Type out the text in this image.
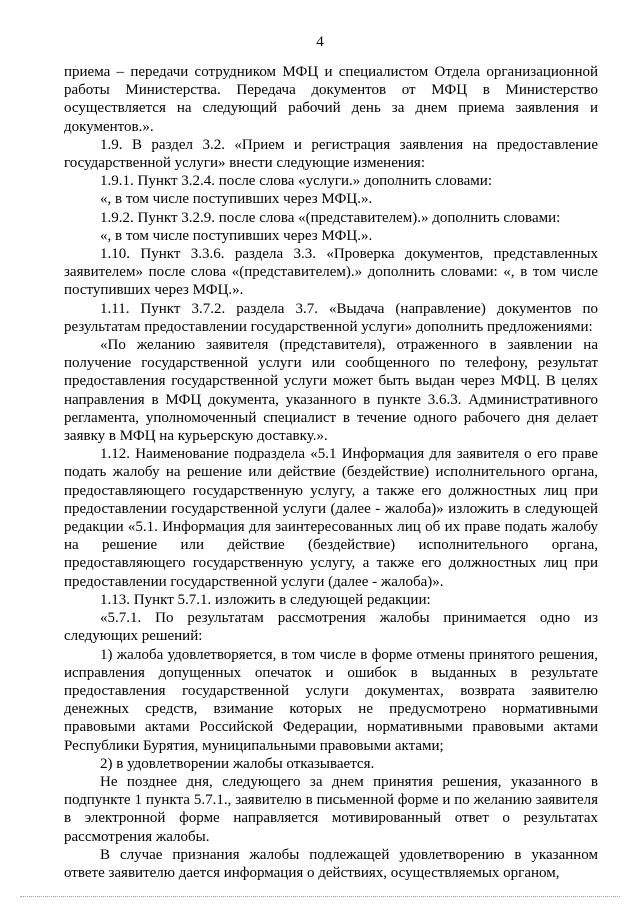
4

приема – передачи сотрудником МФЦ и специалистом Отдела организационной работы Министерства. Передача документов от МФЦ в Министерство осуществляется на следующий рабочий день за днем приема заявления и документов.».

1.9. В раздел 3.2. «Прием и регистрация заявления на предоставление государственной услуги» внести следующие изменения:

1.9.1. Пункт 3.2.4. после слова «услуги.» дополнить словами:

«, в том числе поступивших через МФЦ.».

1.9.2. Пункт 3.2.9. после слова «(представителем).» дополнить словами:

«, в том числе поступивших через МФЦ.».

1.10. Пункт 3.3.6. раздела 3.3. «Проверка документов, представленных заявителем» после слова «(представителем).» дополнить словами: «, в том числе поступивших через МФЦ.».

1.11. Пункт 3.7.2. раздела 3.7. «Выдача (направление) документов по результатам предоставлении государственной услуги» дополнить предложениями:

«По желанию заявителя (представителя), отраженного в заявлении на получение государственной услуги или сообщенного по телефону, результат предоставления государственной услуги может быть выдан через МФЦ. В целях направления в МФЦ документа, указанного в пункте 3.6.3. Административного регламента, уполномоченный специалист в течение одного рабочего дня делает заявку в МФЦ на курьерскую доставку.».

1.12. Наименование подраздела «5.1 Информация для заявителя о его праве подать жалобу на решение или действие (бездействие) исполнительного органа, предоставляющего государственную услугу, а также его должностных лиц при предоставлении государственной услуги (далее - жалоба)» изложить в следующей редакции «5.1. Информация для заинтересованных лиц об их праве подать жалобу на решение или действие (бездействие) исполнительного органа, предоставляющего государственную услугу, а также его должностных лиц при предоставлении государственной услуги (далее - жалоба)».

1.13. Пункт 5.7.1. изложить в следующей редакции:

«5.7.1. По результатам рассмотрения жалобы принимается одно из следующих решений:

1) жалоба удовлетворяется, в том числе в форме отмены принятого решения, исправления допущенных опечаток и ошибок в выданных в результате предоставления государственной услуги документах, возврата заявителю денежных средств, взимание которых не предусмотрено нормативными правовыми актами Российской Федерации, нормативными правовыми актами Республики Бурятия, муниципальными правовыми актами;

2) в удовлетворении жалобы отказывается.

Не позднее дня, следующего за днем принятия решения, указанного в подпункте 1 пункта 5.7.1., заявителю в письменной форме и по желанию заявителя в электронной форме направляется мотивированный ответ о результатах рассмотрения жалобы.

В случае признания жалобы подлежащей удовлетворению в указанном ответе заявителю дается информация о действиях, осуществляемых органом,
